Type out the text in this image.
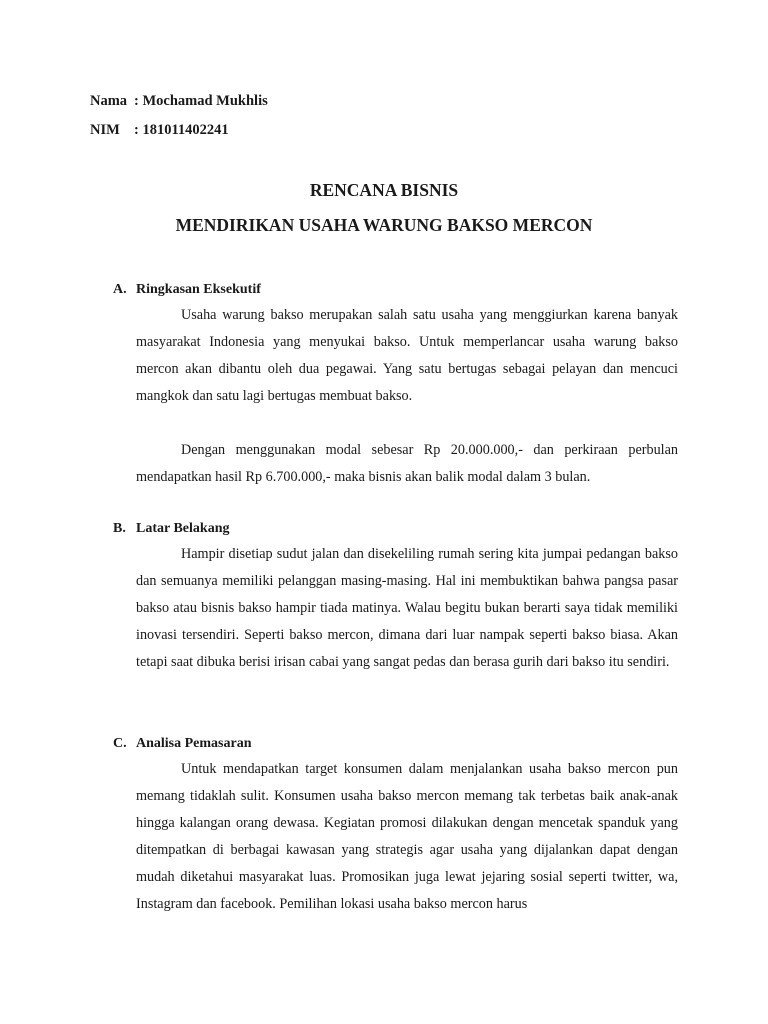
Nama : Mochamad Mukhlis
NIM : 181011402241
RENCANA BISNIS
MENDIRIKAN USAHA WARUNG BAKSO MERCON
A. Ringkasan Eksekutif

Usaha warung bakso merupakan salah satu usaha yang menggiurkan karena banyak masyarakat Indonesia yang menyukai bakso. Untuk memperlancar usaha warung bakso mercon akan dibantu oleh dua pegawai. Yang satu bertugas sebagai pelayan dan mencuci mangkok dan satu lagi bertugas membuat bakso.

Dengan menggunakan modal sebesar Rp 20.000.000,- dan perkiraan perbulan mendapatkan hasil Rp 6.700.000,- maka bisnis akan balik modal dalam 3 bulan.

B. Latar Belakang

Hampir disetiap sudut jalan dan disekeliling rumah sering kita jumpai pedangan bakso dan semuanya memiliki pelanggan masing-masing. Hal ini membuktikan bahwa pangsa pasar bakso atau bisnis bakso hampir tiada matinya. Walau begitu bukan berarti saya tidak memiliki inovasi tersendiri. Seperti bakso mercon, dimana dari luar nampak seperti bakso biasa. Akan tetapi saat dibuka berisi irisan cabai yang sangat pedas dan berasa gurih dari bakso itu sendiri.

C. Analisa Pemasaran

Untuk mendapatkan target konsumen dalam menjalankan usaha bakso mercon pun memang tidaklah sulit. Konsumen usaha bakso mercon memang tak terbetas baik anak-anak hingga kalangan orang dewasa. Kegiatan promosi dilakukan dengan mencetak spanduk yang ditempatkan di berbagai kawasan yang strategis agar usaha yang dijalankan dapat dengan mudah diketahui masyarakat luas. Promosikan juga lewat jejaring sosial seperti twitter, wa, Instagram dan facebook. Pemilihan lokasi usaha bakso mercon harus
